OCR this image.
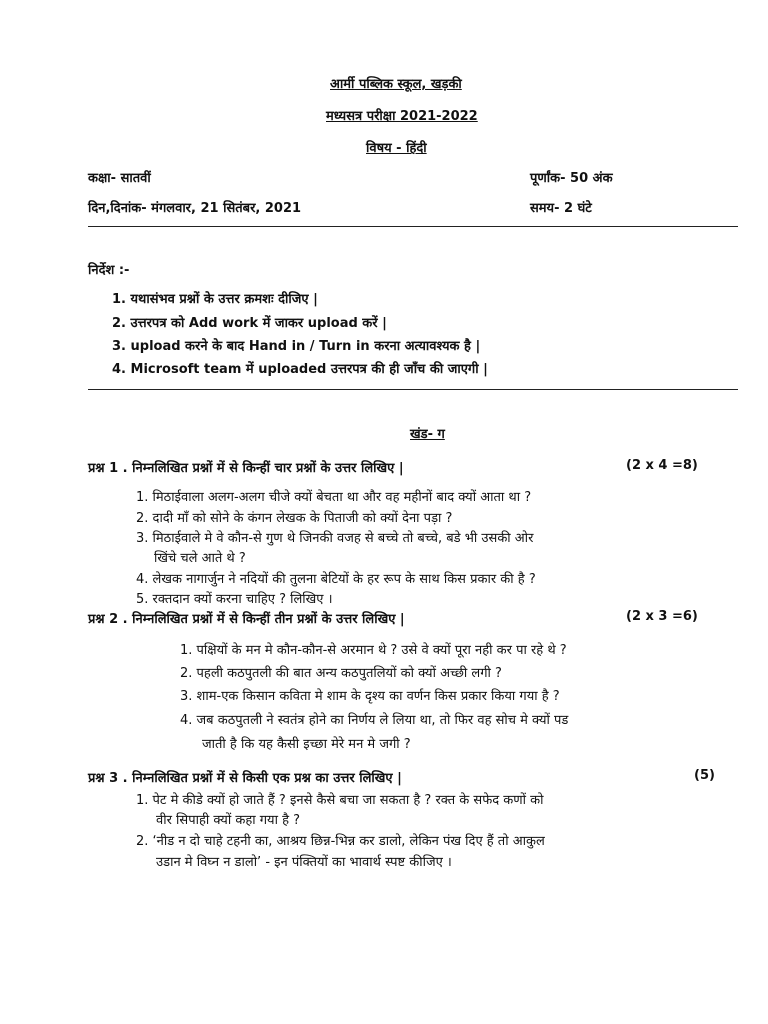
आर्मी पब्लिक स्कूल, खड़की
मध्यसत्र परीक्षा 2021-2022
विषय - हिंदी
कक्षा- सातवीं	पूर्णांक- 50 अंक
दिन,दिनांक- मंगलवार, 21 सितंबर, 2021	समय- 2 घंटे
निर्देश :-
1. यथासंभव प्रश्नों के उत्तर क्रमशः दीजिए |
2. उत्तरपत्र को Add work में जाकर upload करें |
3. upload करने के बाद Hand in / Turn in करना अत्यावश्यक है |
4. Microsoft team में uploaded उत्तरपत्र की ही जाँच की जाएगी |
खंड- ग
प्रश्न 1 . निम्नलिखित प्रश्नों में से किन्हीं चार प्रश्नों के उत्तर लिखिए |	(2 x 4 =8)
1. मिठाईवाला अलग-अलग चीजे क्यों बेचता था और वह महीनों बाद क्यों आता था ?
2. दादी माँ को सोने के कंगन लेखक के पिताजी को क्यों देना पड़ा ?
3. मिठाईवाले मे वे कौन-से गुण थे जिनकी वजह से बच्चे तो बच्चे, बडे भी उसकी ओर
खिंचे चले आते थे ?
4. लेखक नागार्जुन ने नदियों की तुलना बेटियों के हर रूप के साथ किस प्रकार की है ?
5. रक्तदान क्यों करना चाहिए ? लिखिए ।
प्रश्न 2 . निम्नलिखित प्रश्नों में से किन्हीं तीन प्रश्नों के उत्तर लिखिए |	(2 x 3 =6)
1. पक्षियों के मन मे कौन-कौन-से अरमान थे ? उसे वे क्यों पूरा नही कर पा रहे थे ?
2. पहली कठपुतली की बात अन्य कठपुतलियों को क्यों अच्छी लगी ?
3. शाम-एक किसान कविता मे शाम के दृश्य का वर्णन किस प्रकार किया गया है ?
4. जब कठपुतली ने स्वतंत्र होने का निर्णय ले लिया था, तो फिर वह सोच मे क्यों पड
जाती है कि यह कैसी इच्छा मेरे मन मे जगी ?
प्रश्न 3 . निम्नलिखित प्रश्नों में से किसी एक प्रश्न का उत्तर लिखिए |	(5)
1. पेट मे कीडे क्यों हो जाते हैं ? इनसे कैसे बचा जा सकता है ? रक्त के सफेद कणों को
वीर सिपाही क्यों कहा गया है ?
2. ‘नीड न दो चाहे टहनी का, आश्रय छिन्न-भिन्न कर डालो, लेकिन पंख दिए हैं तो आकुल
उडान मे विघ्न न डालो’ - इन पंक्तियों का भावार्थ स्पष्ट कीजिए ।
